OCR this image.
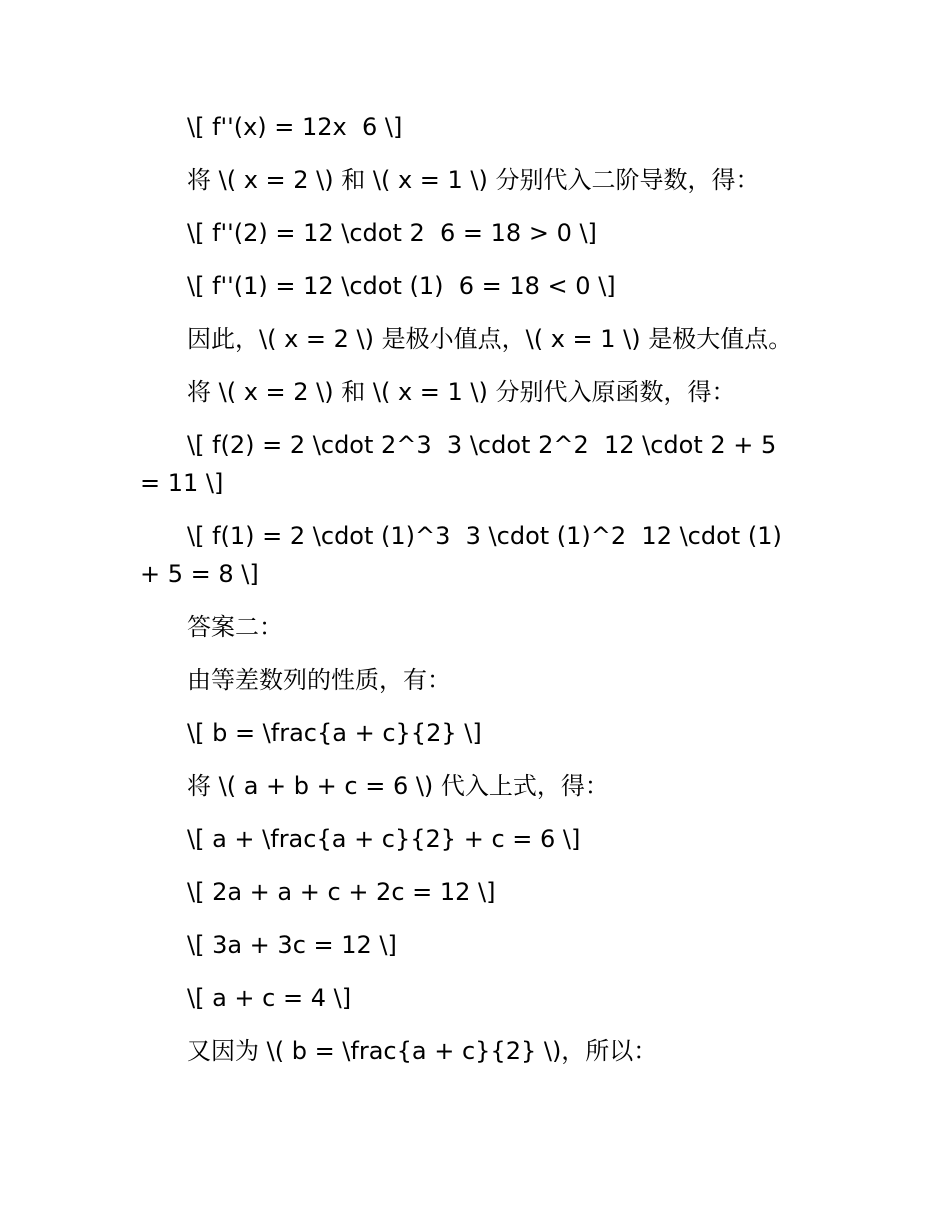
\[ f''(x) = 12x  6 \]

将 \( x = 2 \) 和 \( x = 1 \) 分别代入二阶导数，得：

\[ f''(2) = 12 \cdot 2  6 = 18 > 0 \]

\[ f''(1) = 12 \cdot (1)  6 = 18 < 0 \]

因此，\( x = 2 \) 是极小值点，\( x = 1 \) 是极大值点。

将 \( x = 2 \) 和 \( x = 1 \) 分别代入原函数，得：

\[ f(2) = 2 \cdot 2^3  3 \cdot 2^2  12 \cdot 2 + 5 = 11 \]

\[ f(1) = 2 \cdot (1)^3  3 \cdot (1)^2  12 \cdot (1) + 5 = 8 \]

答案二：

由等差数列的性质，有：

\[ b = \frac{a + c}{2} \]

将 \( a + b + c = 6 \) 代入上式，得：

\[ a + \frac{a + c}{2} + c = 6 \]

\[ 2a + a + c + 2c = 12 \]

\[ 3a + 3c = 12 \]

\[ a + c = 4 \]

又因为 \( b = \frac{a + c}{2} \)，所以：
